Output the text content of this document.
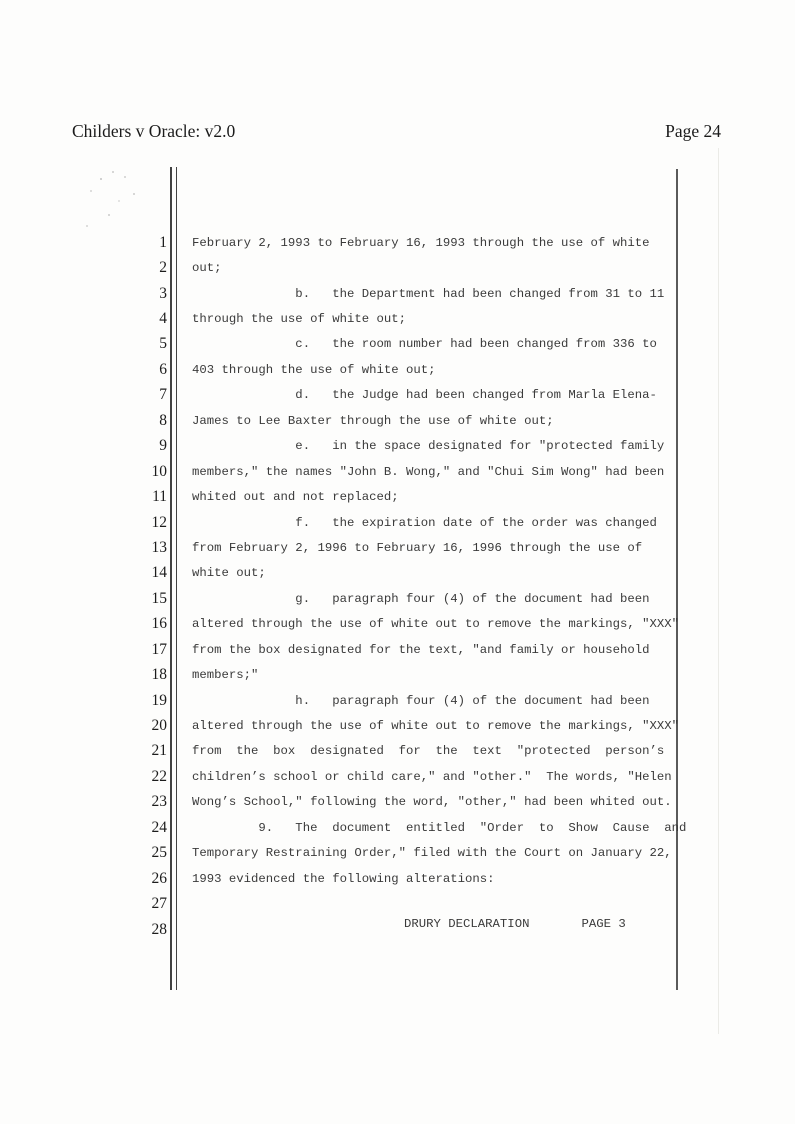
Childers v Oracle: v2.0	Page 24
1 February 2, 1993 to February 16, 1993 through the use of white
2 out;
3 b.   the Department had been changed from 31 to 11
4 through the use of white out;
5 c.   the room number had been changed from 336 to
6 403 through the use of white out;
7 d.   the Judge had been changed from Marla Elena-
8 James to Lee Baxter through the use of white out;
9 e.   in the space designated for "protected family
10 members," the names "John B. Wong," and "Chui Sim Wong" had been
11 whited out and not replaced;
12 f.   the expiration date of the order was changed
13 from February 2, 1996 to February 16, 1996 through the use of
14 white out;
15 g.   paragraph four (4) of the document had been
16 altered through the use of white out to remove the markings, "XXX"
17 from the box designated for the text, "and family or household
18 members;"
19 h.   paragraph four (4) of the document had been
20 altered through the use of white out to remove the markings, "XXX"
21 from  the  box  designated  for  the  text  "protected  person’s
22 children’s school or child care," and "other."  The words, "Helen
23 Wong’s School," following the word, "other," had been whited out.
24 9.   The  document  entitled  "Order  to  Show  Cause  and
25 Temporary Restraining Order," filed with the Court on January 22,
26 1993 evidenced the following alterations:
27
28	DRURY DECLARATION	PAGE 3
